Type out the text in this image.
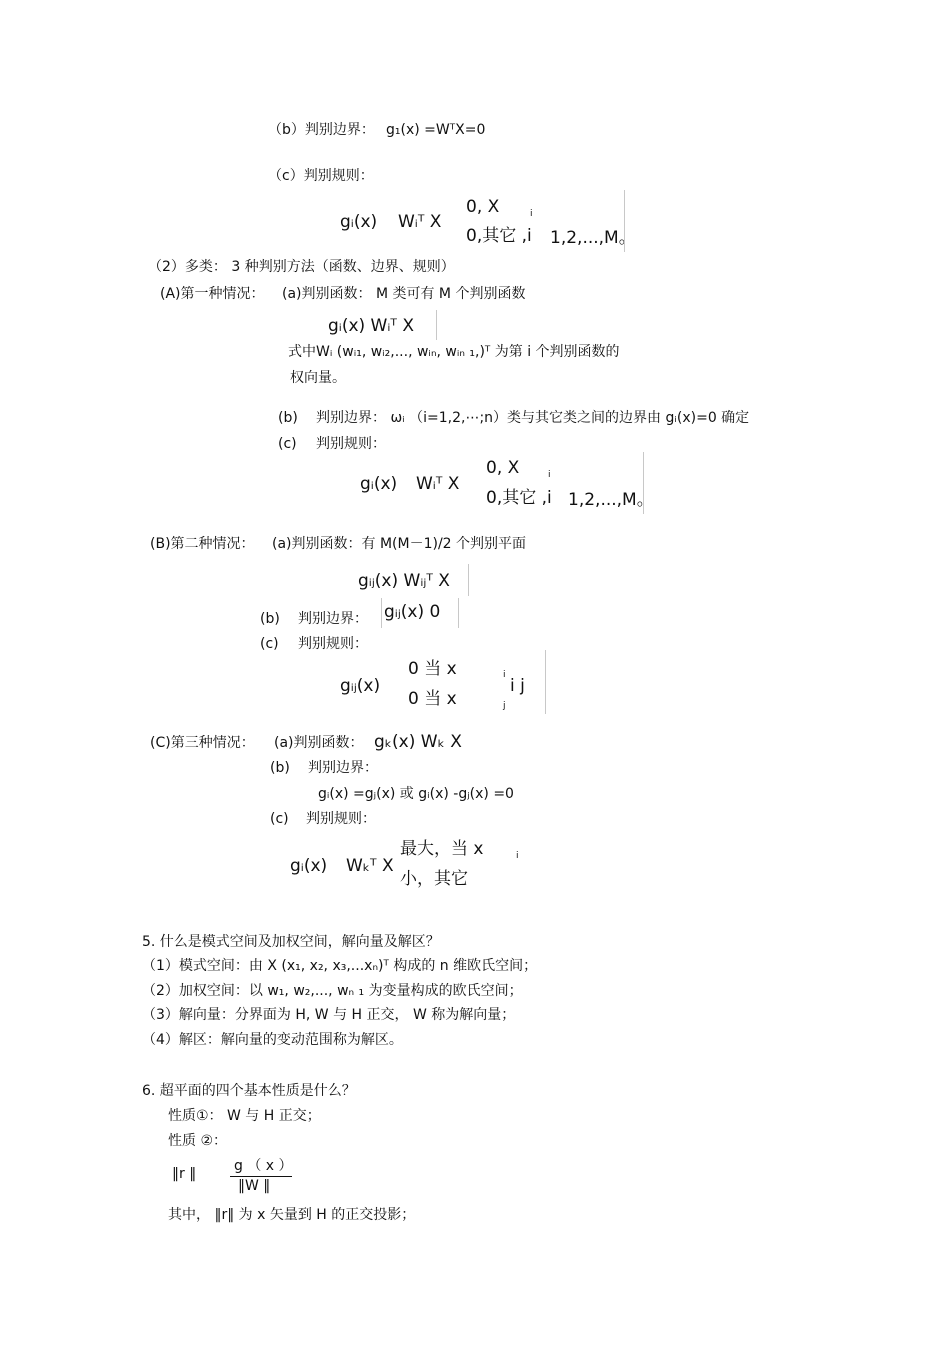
（b）判别边界： g₁(x) =WᵀX=0
（c）判别规则：
gᵢ(x) Wᵢᵀ X
0, X	i
0,其它 ,i 1,2,...,M。
（2）多类： 3 种判别方法（函数、边界、规则）
(A)第一种情况： (a)判别函数： M 类可有 M 个判别函数
gᵢ(x) Wᵢᵀ X
式中Wᵢ (wᵢ₁, wᵢ₂,..., wᵢₙ, wᵢₙ ₁,)ᵀ 为第 i 个判别函数的
权向量。
(b) 判别边界： ωᵢ （i=1,2,⋯;n）类与其它类之间的边界由 gᵢ(x)=0 确定
(c) 判别规则：
gᵢ(x) Wᵢᵀ X
0, X	i
0,其它 ,i 1,2,...,M。
(B)第二种情况： (a)判别函数：有 M(M－1)/2 个判别平面
gᵢⱼ(x) Wᵢⱼᵀ X
(b) 判别边界： gᵢⱼ(x) 0
(c) 判别规则：
gᵢⱼ(x)
0 当 x	i
0 当 x	j
i j
(C)第三种情况： (a)判别函数： gₖ(x) Wₖ X
(b) 判别边界：
gᵢ(x) =gⱼ(x) 或 gᵢ(x) -gⱼ(x) =0
(c) 判别规则：
gᵢ(x) Wₖᵀ X
最大，当 x	i
小，其它
5. 什么是模式空间及加权空间，解向量及解区？
（1）模式空间：由 X (x₁, x₂, x₃,...xₙ)ᵀ 构成的 n 维欧氏空间；
（2）加权空间：以 w₁, w₂,..., wₙ ₁ 为变量构成的欧氏空间；
（3）解向量：分界面为 H, W 与 H 正交， W 称为解向量；
（4）解区：解向量的变动范围称为解区。
6. 超平面的四个基本性质是什么？
性质①： W 与 H 正交；
性质 ②：
‖r ‖	g （ x ）
‖W ‖
其中， ‖r‖ 为 x 矢量到 H 的正交投影；
